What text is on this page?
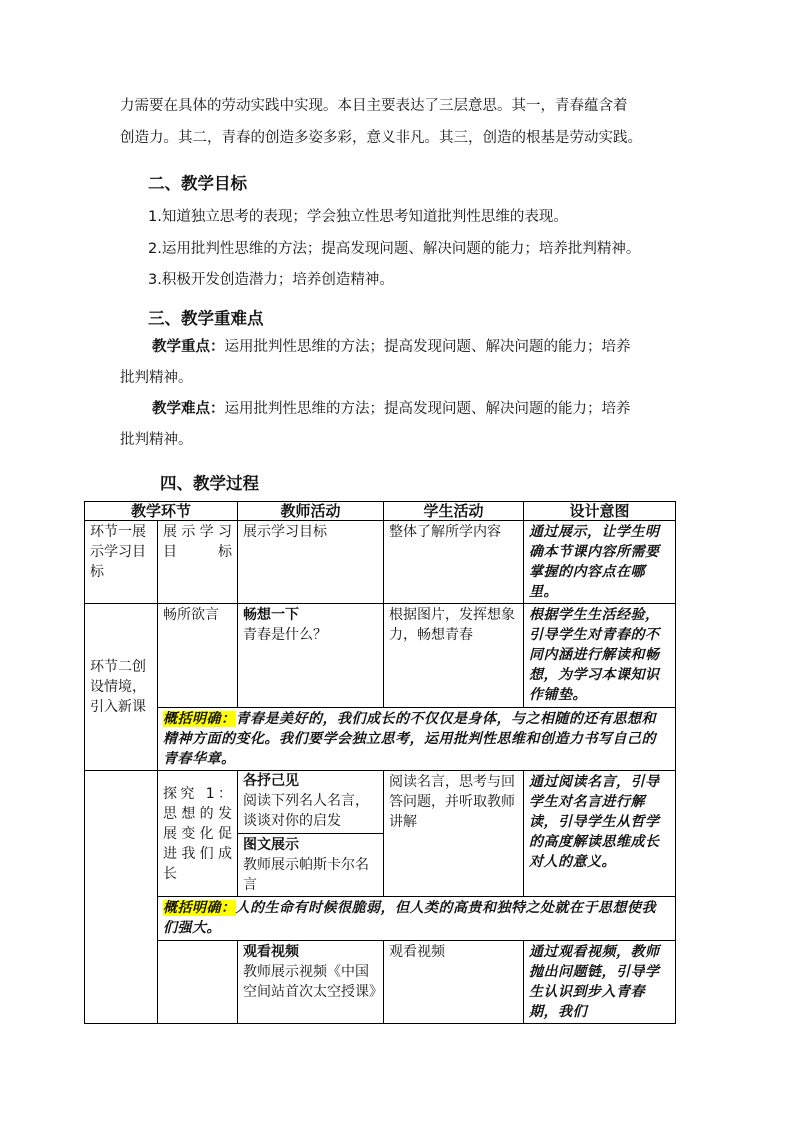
力需要在具体的劳动实践中实现。本目主要表达了三层意思。其一，青春蕴含着
创造力。其二，青春的创造多姿多彩，意义非凡。其三，创造的根基是劳动实践。
二、教学目标
1.知道独立思考的表现；学会独立性思考知道批判性思维的表现。
2.运用批判性思维的方法；提高发现问题、解决问题的能力；培养批判精神。
3.积极开发创造潜力；培养创造精神。
三、教学重难点
教学重点：运用批判性思维的方法；提高发现问题、解决问题的能力；培养
批判精神。
教学难点：运用批判性思维的方法；提高发现问题、解决问题的能力；培养
批判精神。
四、教学过程
教学环节		教师活动	学生活动	设计意图
环节一展示学习目标	展示学习目标	展示学习目标	整体了解所学内容	通过展示，让学生明确本节课内容所需要掌握的内容点在哪里。
环节二创设情境，引入新课	畅所欲言	畅想一下
青春是什么？	根据图片，发挥想象力，畅想青春	根据学生生活经验，引导学生对青春的不同内涵进行解读和畅想，为学习本课知识作铺垫。
	概括明确：青春是美好的，我们成长的不仅仅是身体，与之相随的还有思想和精神方面的变化。我们要学会独立思考，运用批判性思维和创造力书写自己的青春华章。			
	探究 1：思想的发展变化促进我们成长	各抒己见
阅读下列名人名言，谈谈对你的启发
图文展示
教师展示帕斯卡尔名言	阅读名言，思考与回答问题，并听取教师讲解	通过阅读名言，引导学生对名言进行解读，引导学生从哲学的高度解读思维成长对人的意义。
	概括明确：人的生命有时候很脆弱，但人类的高贵和独特之处就在于思想使我们强大。			

		观看视频
教师展示视频《中国空间站首次太空授课》	观看视频	通过观看视频，教师抛出问题链，引导学生认识到步入青春期，我们
